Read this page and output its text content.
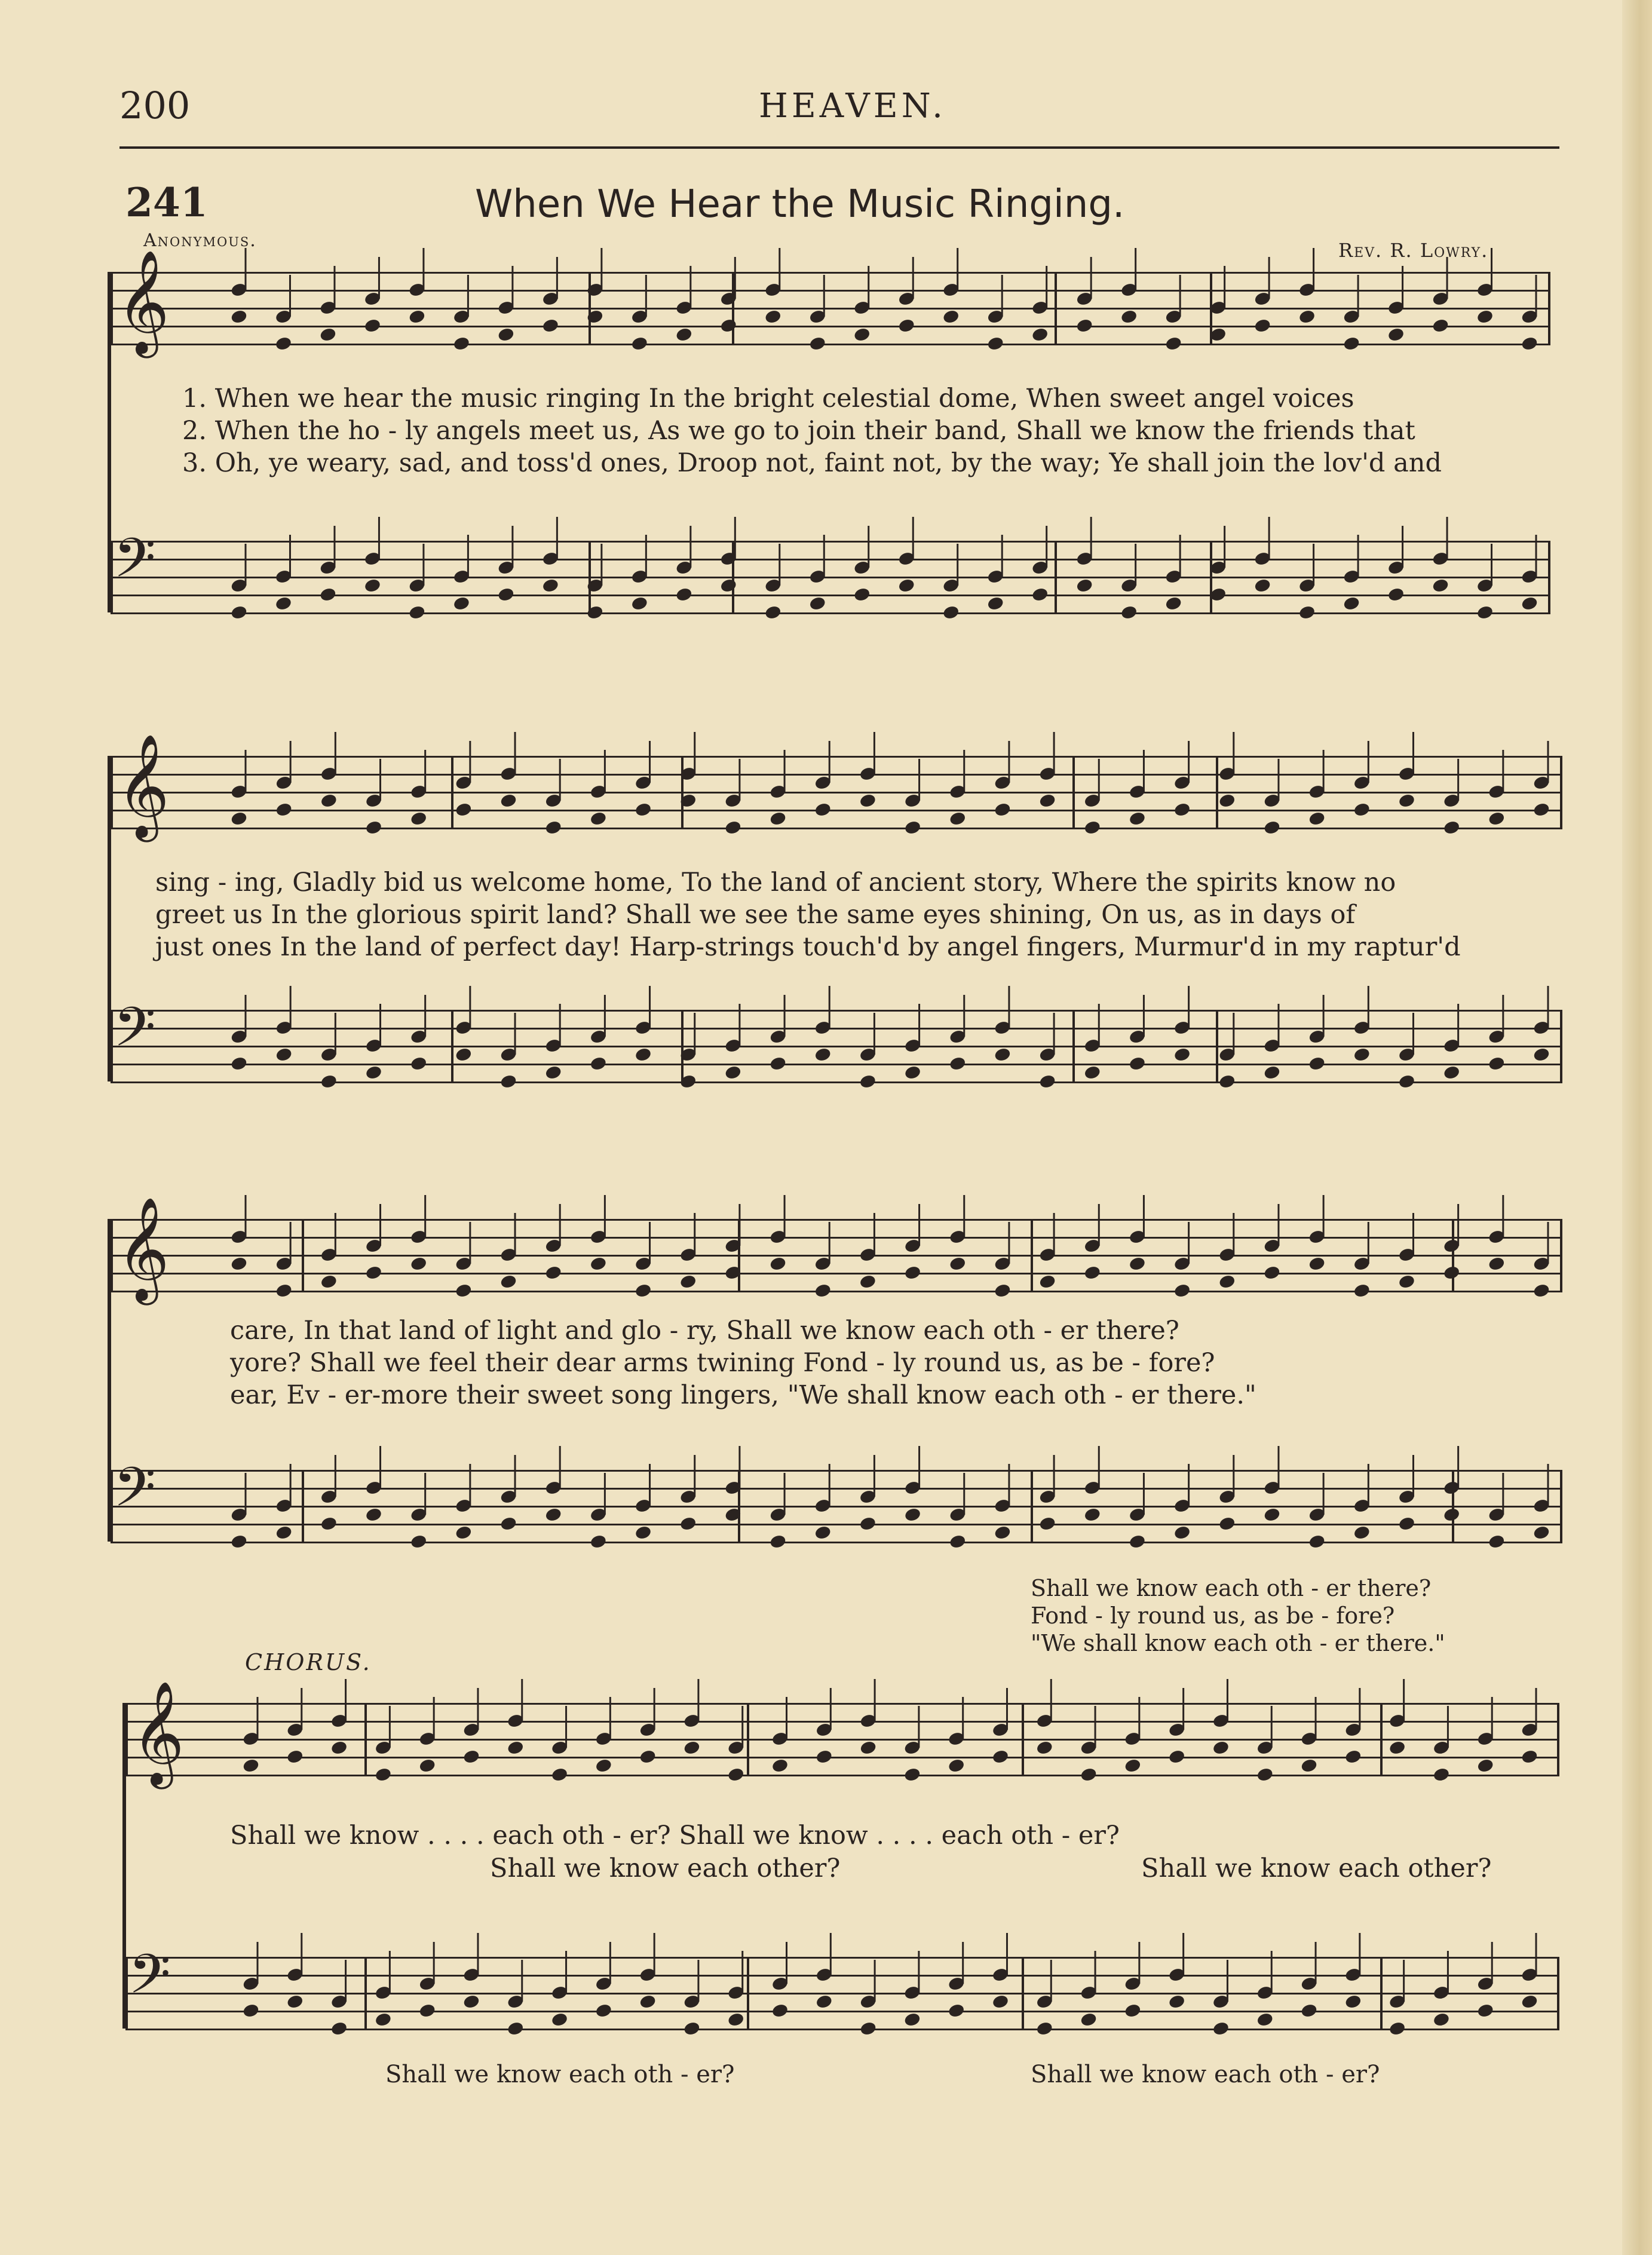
200	HEAVEN.
241	When We Hear the Music Ringing.
Anonymous.	Rev. R. Lowry.
𝄞
𝄢
1. When we hear the music ringing In the bright celestial dome, When sweet angel voices
2. When the ho - ly angels meet us, As we go to join their band, Shall we know the friends that
3. Oh, ye weary, sad, and toss'd ones, Droop not, faint not, by the way; Ye shall join the lov'd and
𝄞
𝄢
sing - ing, Gladly bid us welcome home, To the land of ancient story, Where the spirits know no
greet us In the glorious spirit land? Shall we see the same eyes shining, On us, as in days of
just ones In the land of perfect day! Harp-strings touch'd by angel fingers, Murmur'd in my raptur'd
𝄞
𝄢
care, In that land of light and glo - ry, Shall we know each oth - er there?
yore? Shall we feel their dear arms twining Fond - ly round us, as be - fore?
ear, Ev - er-more their sweet song lingers, "We shall know each oth - er there."
Shall we know each oth - er there?
Fond - ly round us, as be - fore?
"We shall know each oth - er there."
CHORUS.
𝄞
𝄢
Shall we know . . . . each oth - er? Shall we know . . . . each oth - er?
Shall we know each other?	Shall we know each other?
Shall we know each oth - er?	Shall we know each oth - er?
